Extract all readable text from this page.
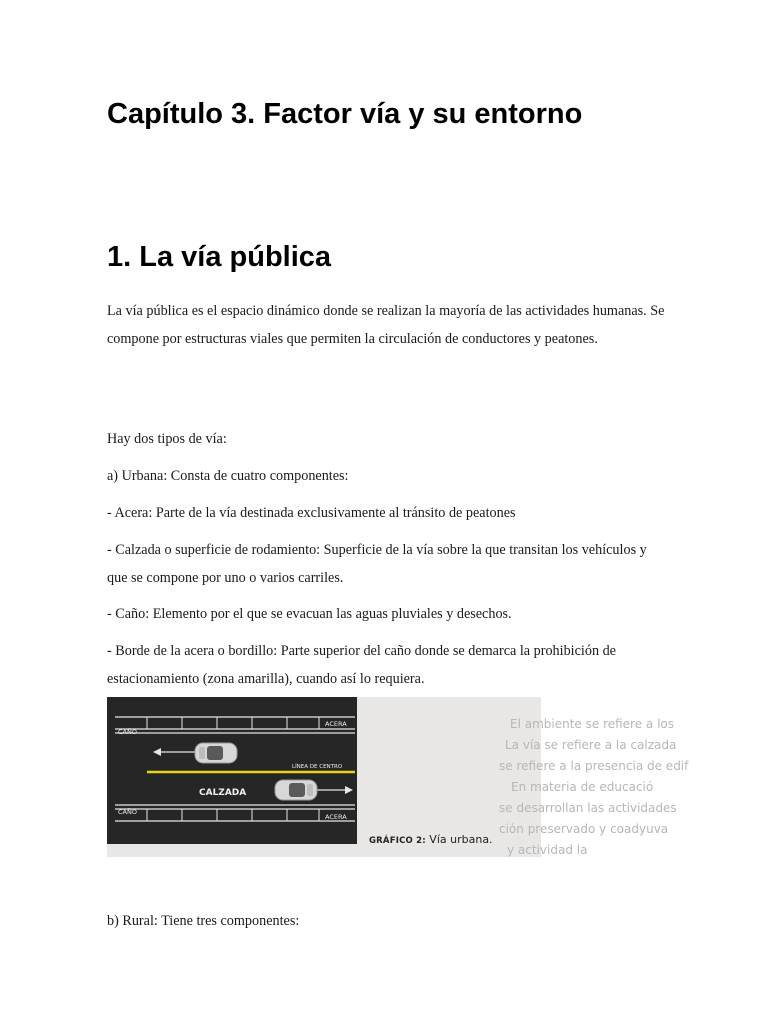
Capítulo 3. Factor vía y su entorno
1. La vía pública

La vía pública es el espacio dinámico donde se realizan la mayoría de las actividades humanas. Se compone por estructuras viales que permiten la circulación de conductores y peatones.

Hay dos tipos de vía:

a) Urbana: Consta de cuatro componentes:

- Acera: Parte de la vía destinada exclusivamente al tránsito de peatones

- Calzada o superficie de rodamiento: Superficie de la vía sobre la que transitan los vehículos y que se compone por uno o varios carriles.

- Caño: Elemento por el que se evacuan las aguas pluviales y desechos.

- Borde de la acera o bordillo: Parte superior del caño donde se demarca la prohibición de estacionamiento (zona amarilla), cuando así lo requiera.

El ambiente se refiere a los
La vía se refiere a la calzada
se refiere a la presencia de edif
En materia de educació
se desarrollan las actividades
ción preservado y coadyuva
y actividad la
CAÑO
ACERA
LÍNEA DE CENTRO
CALZADA
CAÑO
ACERA
GRÁFICO 2: Vía urbana.

b) Rural: Tiene tres componentes:
